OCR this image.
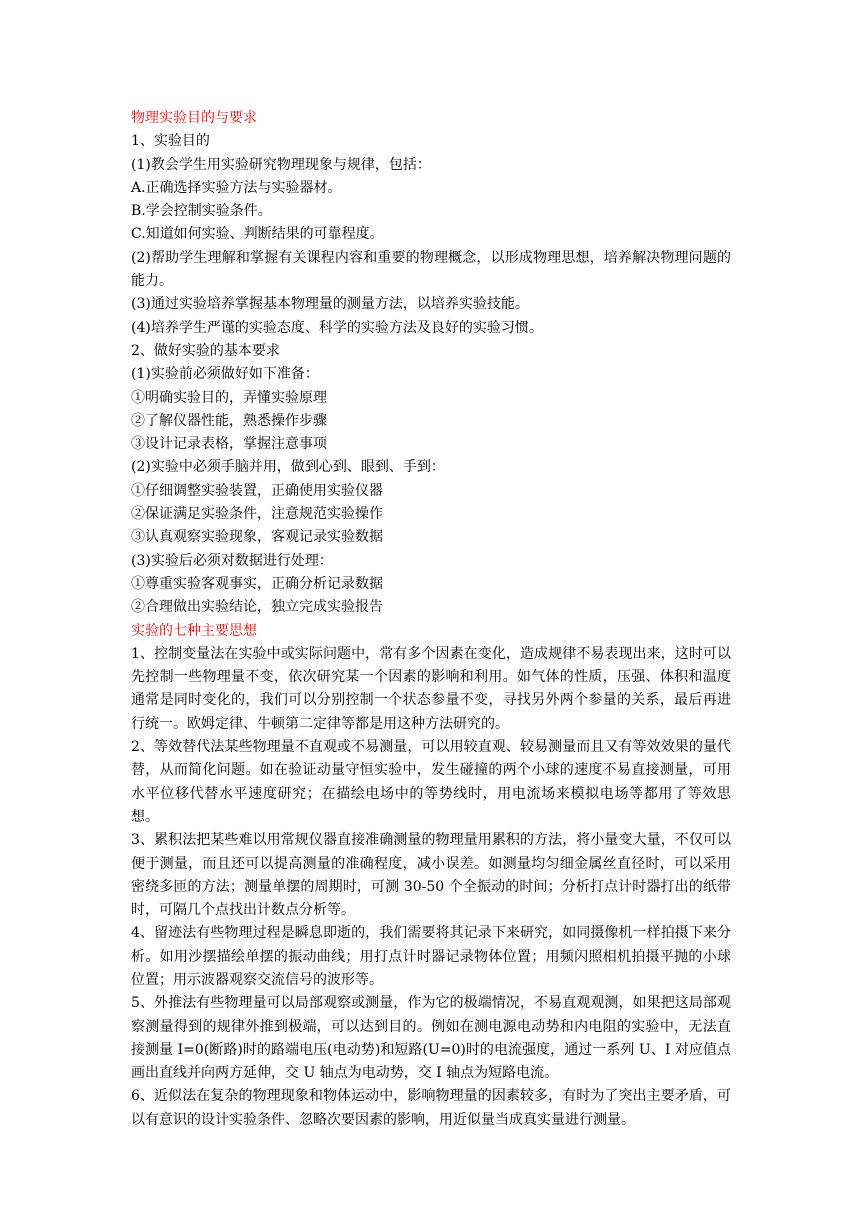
物理实验目的与要求

1、实验目的

(1)教会学生用实验研究物理现象与规律，包括：

A.正确选择实验方法与实验器材。

B.学会控制实验条件。

C.知道如何实验、判断结果的可靠程度。

(2)帮助学生理解和掌握有关课程内容和重要的物理概念，以形成物理思想，培养解决物理问题的能力。

(3)通过实验培养掌握基本物理量的测量方法，以培养实验技能。

(4)培养学生严谨的实验态度、科学的实验方法及良好的实验习惯。

2、做好实验的基本要求

(1)实验前必须做好如下准备：

①明确实验目的，弄懂实验原理

②了解仪器性能，熟悉操作步骤

③设计记录表格，掌握注意事项

(2)实验中必须手脑并用，做到心到、眼到、手到：

①仔细调整实验装置，正确使用实验仪器

②保证满足实验条件，注意规范实验操作

③认真观察实验现象，客观记录实验数据

(3)实验后必须对数据进行处理：

①尊重实验客观事实，正确分析记录数据

②合理做出实验结论，独立完成实验报告

实验的七种主要思想

1、控制变量法在实验中或实际问题中，常有多个因素在变化，造成规律不易表现出来，这时可以先控制一些物理量不变，依次研究某一个因素的影响和利用。如气体的性质，压强、体积和温度通常是同时变化的，我们可以分别控制一个状态参量不变，寻找另外两个参量的关系，最后再进行统一。欧姆定律、牛顿第二定律等都是用这种方法研究的。

2、等效替代法某些物理量不直观或不易测量，可以用较直观、较易测量而且又有等效效果的量代替，从而简化问题。如在验证动量守恒实验中，发生碰撞的两个小球的速度不易直接测量，可用水平位移代替水平速度研究；在描绘电场中的等势线时，用电流场来模拟电场等都用了等效思想。

3、累积法把某些难以用常规仪器直接准确测量的物理量用累积的方法，将小量变大量，不仅可以便于测量，而且还可以提高测量的准确程度，减小误差。如测量均匀细金属丝直径时，可以采用密绕多匝的方法；测量单摆的周期时，可测 30-50 个全振动的时间；分析打点计时器打出的纸带时，可隔几个点找出计数点分析等。

4、留迹法有些物理过程是瞬息即逝的，我们需要将其记录下来研究，如同摄像机一样拍摄下来分析。如用沙摆描绘单摆的振动曲线；用打点计时器记录物体位置；用频闪照相机拍摄平抛的小球位置；用示波器观察交流信号的波形等。

5、外推法有些物理量可以局部观察或测量，作为它的极端情况，不易直观观测，如果把这局部观察测量得到的规律外推到极端，可以达到目的。例如在测电源电动势和内电阻的实验中，无法直接测量 I=0(断路)时的路端电压(电动势)和短路(U=0)时的电流强度，通过一系列 U、I 对应值点画出直线并向两方延伸，交 U 轴点为电动势，交 I 轴点为短路电流。

6、近似法在复杂的物理现象和物体运动中，影响物理量的因素较多，有时为了突出主要矛盾，可以有意识的设计实验条件、忽略次要因素的影响，用近似量当成真实量进行测量。
